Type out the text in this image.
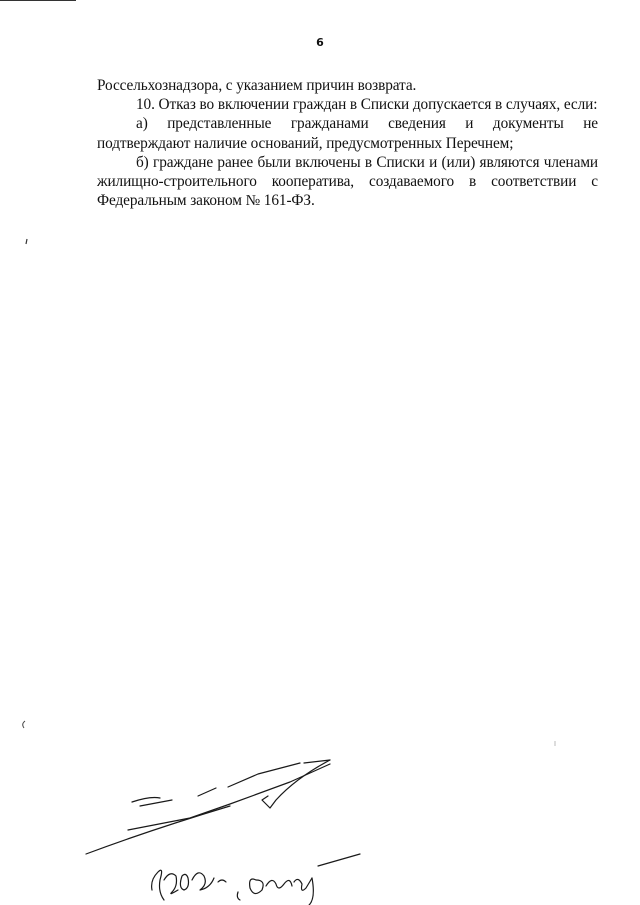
6
Россельхознадзора, с указанием причин возврата.
10. Отказ во включении граждан в Списки допускается в случаях, если:
а) представленные гражданами сведения и документы не
подтверждают наличие оснований, предусмотренных Перечнем;
б) граждане ранее были включены в Списки и (или) являются членами
жилищно-строительного кооператива, создаваемого в соответствии с
Федеральным законом № 161-ФЗ.
